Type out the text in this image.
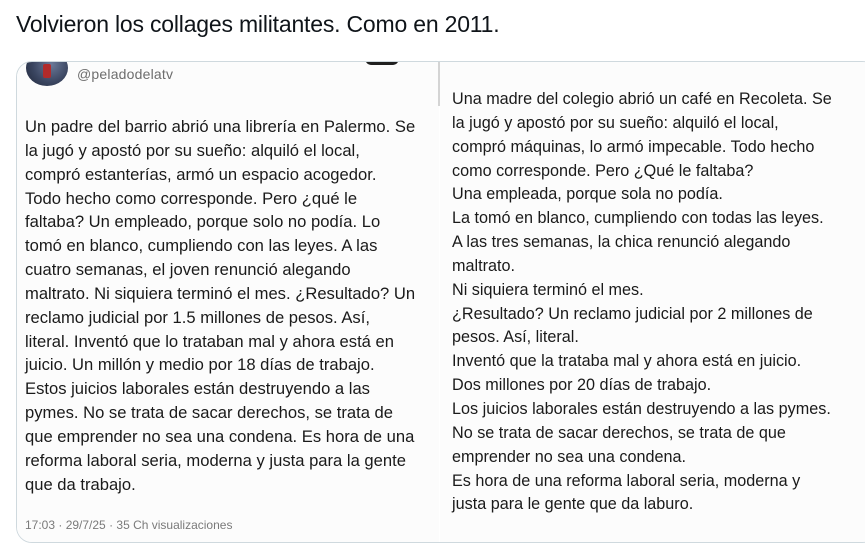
Volvieron los collages militantes. Como en 2011.
@peladodelatv
Un padre del barrio abrió una librería en Palermo. Se
la jugó y apostó por su sueño: alquiló el local,
compró estanterías, armó un espacio acogedor.
Todo hecho como corresponde. Pero ¿qué le
faltaba? Un empleado, porque solo no podía. Lo
tomó en blanco, cumpliendo con las leyes. A las
cuatro semanas, el joven renunció alegando
maltrato. Ni siquiera terminó el mes. ¿Resultado? Un
reclamo judicial por 1.5 millones de pesos. Así,
literal. Inventó que lo trataban mal y ahora está en
juicio. Un millón y medio por 18 días de trabajo.
Estos juicios laborales están destruyendo a las
pymes. No se trata de sacar derechos, se trata de
que emprender no sea una condena. Es hora de una
reforma laboral seria, moderna y justa para la gente
que da trabajo.
17:03 · 29/7/25 · 35 Ch visualizaciones
Una madre del colegio abrió un café en Recoleta. Se
la jugó y apostó por su sueño: alquiló el local,
compró máquinas, lo armó impecable. Todo hecho
como corresponde. Pero ¿Qué le faltaba?
Una empleada, porque sola no podía.
La tomó en blanco, cumpliendo con todas las leyes.
A las tres semanas, la chica renunció alegando
maltrato.
Ni siquiera terminó el mes.
¿Resultado? Un reclamo judicial por 2 millones de
pesos. Así, literal.
Inventó que la trataba mal y ahora está en juicio.
Dos millones por 20 días de trabajo.
Los juicios laborales están destruyendo a las pymes.
No se trata de sacar derechos, se trata de que
emprender no sea una condena.
Es hora de una reforma laboral seria, moderna y
justa para le gente que da laburo.
